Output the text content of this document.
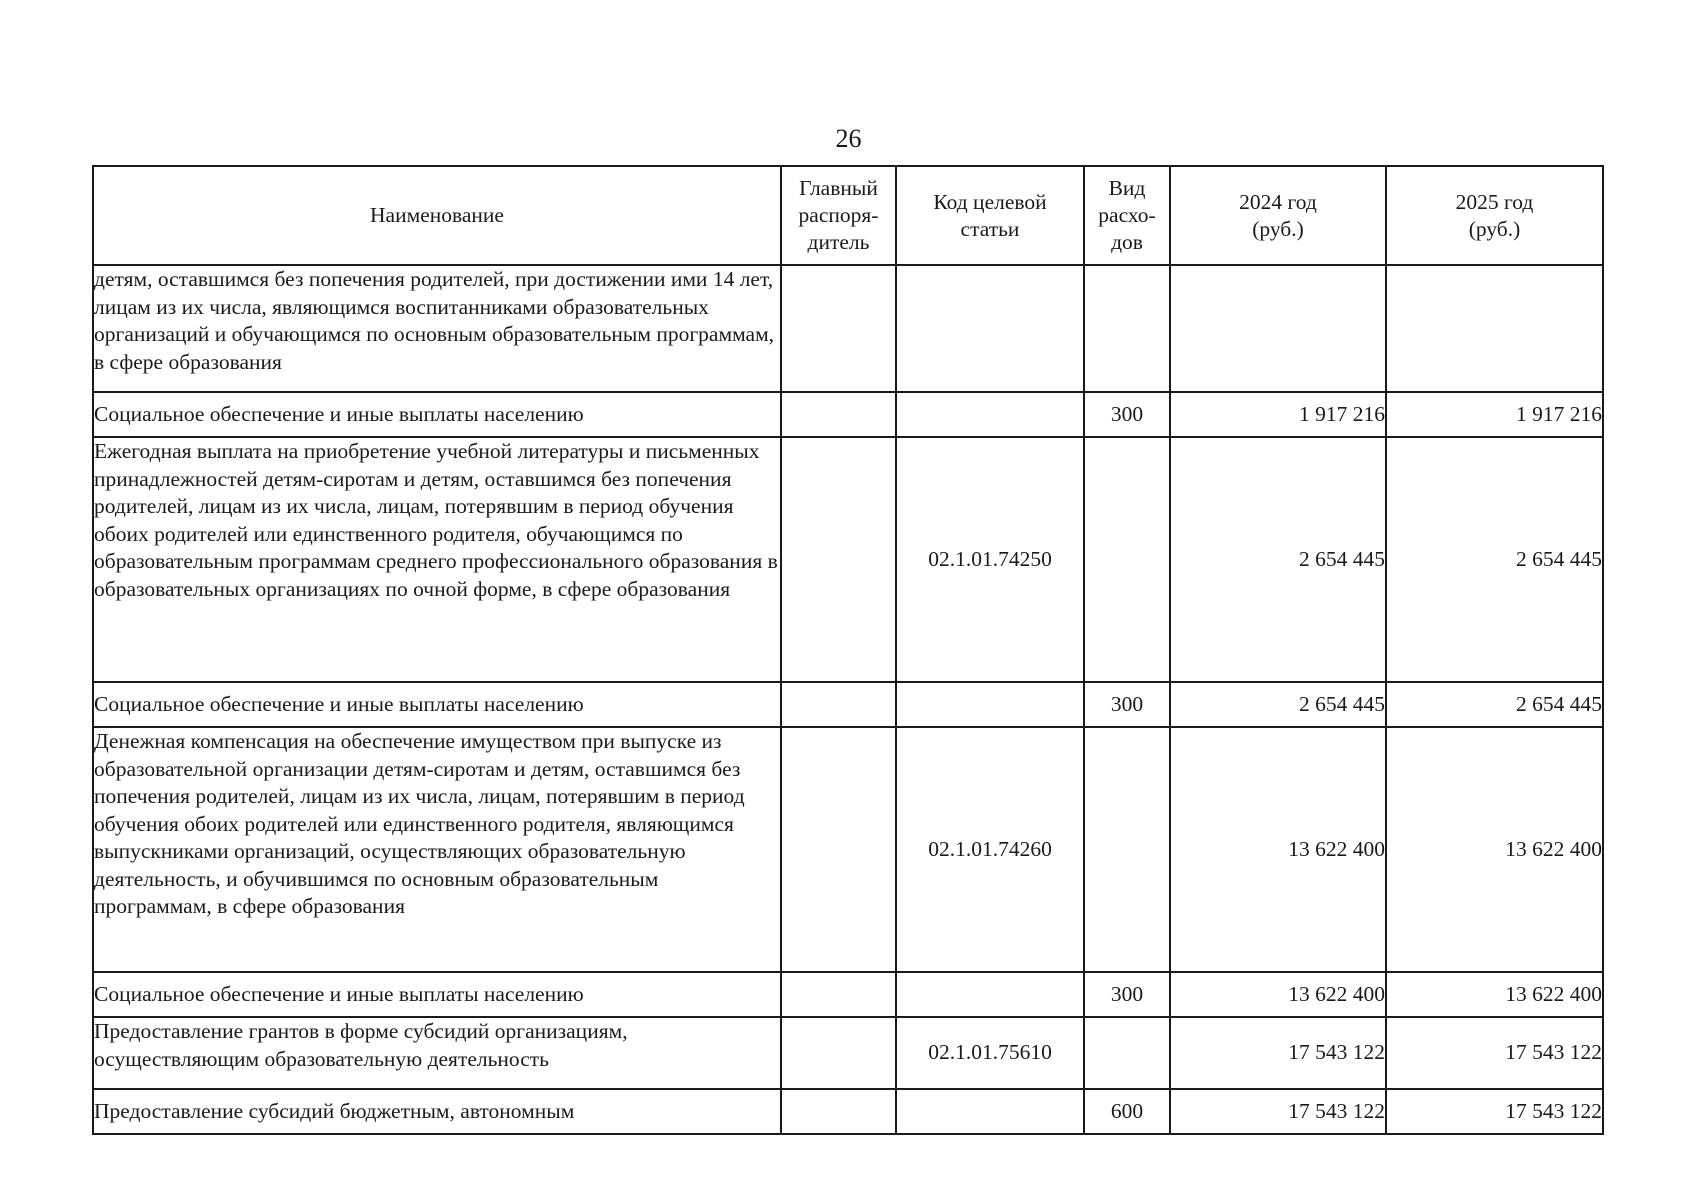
26
Наименование	Главный распоря-дитель	Код целевой статьи	Вид расхо-дов	2024 год (руб.)	2025 год (руб.)
детям, оставшимся без попечения родителей, при достижении ими 14 лет, лицам из их числа, являющимся воспитанниками образовательных организаций и обучающимся по основным образовательным программам, в сфере образования					
Социальное обеспечение и иные выплаты населению			300	1 917 216	1 917 216
Ежегодная выплата на приобретение учебной литературы и письменных принадлежностей детям-сиротам и детям, оставшимся без попечения родителей, лицам из их числа, лицам, потерявшим в период обучения обоих родителей или единственного родителя, обучающимся по образовательным программам среднего профессионального образования в образовательных организациях по очной форме, в сфере образования		02.1.01.74250		2 654 445	2 654 445
Социальное обеспечение и иные выплаты населению			300	2 654 445	2 654 445
Денежная компенсация на обеспечение имуществом при выпуске из образовательной организации детям-сиротам и детям, оставшимся без попечения родителей, лицам из их числа, лицам, потерявшим в период обучения обоих родителей или единственного родителя, являющимся выпускниками организаций, осуществляющих образовательную деятельность, и обучившимся по основным образовательным программам, в сфере образования		02.1.01.74260		13 622 400	13 622 400
Социальное обеспечение и иные выплаты населению			300	13 622 400	13 622 400
Предоставление грантов в форме субсидий организациям, осуществляющим образовательную деятельность		02.1.01.75610		17 543 122	17 543 122
Предоставление субсидий бюджетным, автономным			600	17 543 122	17 543 122
